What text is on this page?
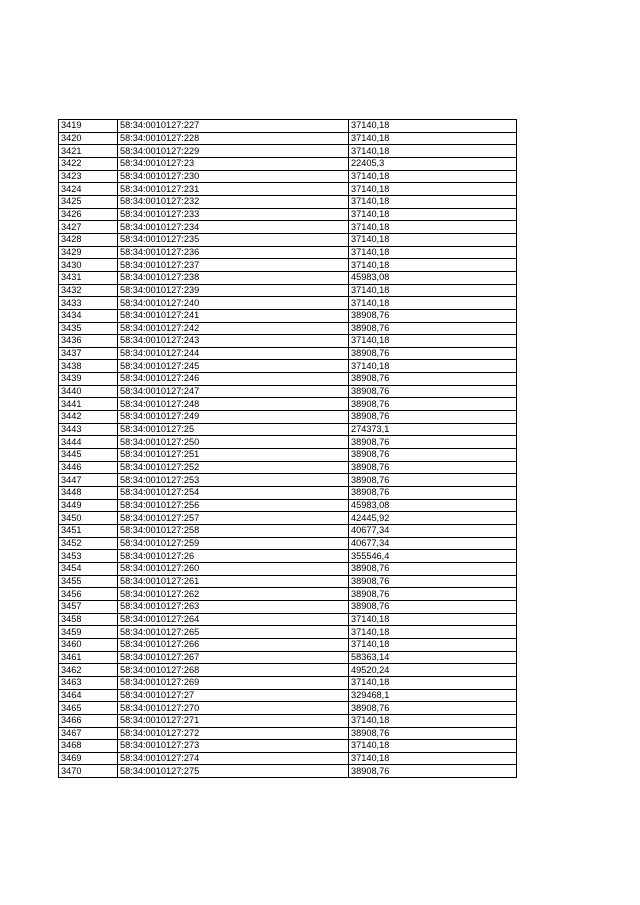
3419	58:34:0010127:227	37140,18
3420	58:34:0010127:228	37140,18
3421	58:34:0010127:229	37140,18
3422	58:34:0010127:23	22405,3
3423	58:34:0010127:230	37140,18
3424	58:34:0010127:231	37140,18
3425	58:34:0010127:232	37140,18
3426	58:34:0010127:233	37140,18
3427	58:34:0010127:234	37140,18
3428	58:34:0010127:235	37140,18
3429	58:34:0010127:236	37140,18
3430	58:34:0010127:237	37140,18
3431	58:34:0010127:238	45983,08
3432	58:34:0010127:239	37140,18
3433	58:34:0010127:240	37140,18
3434	58:34:0010127:241	38908,76
3435	58:34:0010127:242	38908,76
3436	58:34:0010127:243	37140,18
3437	58:34:0010127:244	38908,76
3438	58:34:0010127:245	37140,18
3439	58:34:0010127:246	38908,76
3440	58:34:0010127:247	38908,76
3441	58:34:0010127:248	38908,76
3442	58:34:0010127:249	38908,76
3443	58:34:0010127:25	274373,1
3444	58:34:0010127:250	38908,76
3445	58:34:0010127:251	38908,76
3446	58:34:0010127:252	38908,76
3447	58:34:0010127:253	38908,76
3448	58:34:0010127:254	38908,76
3449	58:34:0010127:256	45983,08
3450	58:34:0010127:257	42445,92
3451	58:34:0010127:258	40677,34
3452	58:34:0010127:259	40677,34
3453	58:34:0010127:26	355546,4
3454	58:34:0010127:260	38908,76
3455	58:34:0010127:261	38908,76
3456	58:34:0010127:262	38908,76
3457	58:34:0010127:263	38908,76
3458	58:34:0010127:264	37140,18
3459	58:34:0010127:265	37140,18
3460	58:34:0010127:266	37140,18
3461	58:34:0010127:267	58363,14
3462	58:34:0010127:268	49520,24
3463	58:34:0010127:269	37140,18
3464	58:34:0010127:27	329468,1
3465	58:34:0010127:270	38908,76
3466	58:34:0010127:271	37140,18
3467	58:34:0010127:272	38908,76
3468	58:34:0010127:273	37140,18
3469	58:34:0010127:274	37140,18
3470	58:34:0010127:275	38908,76
